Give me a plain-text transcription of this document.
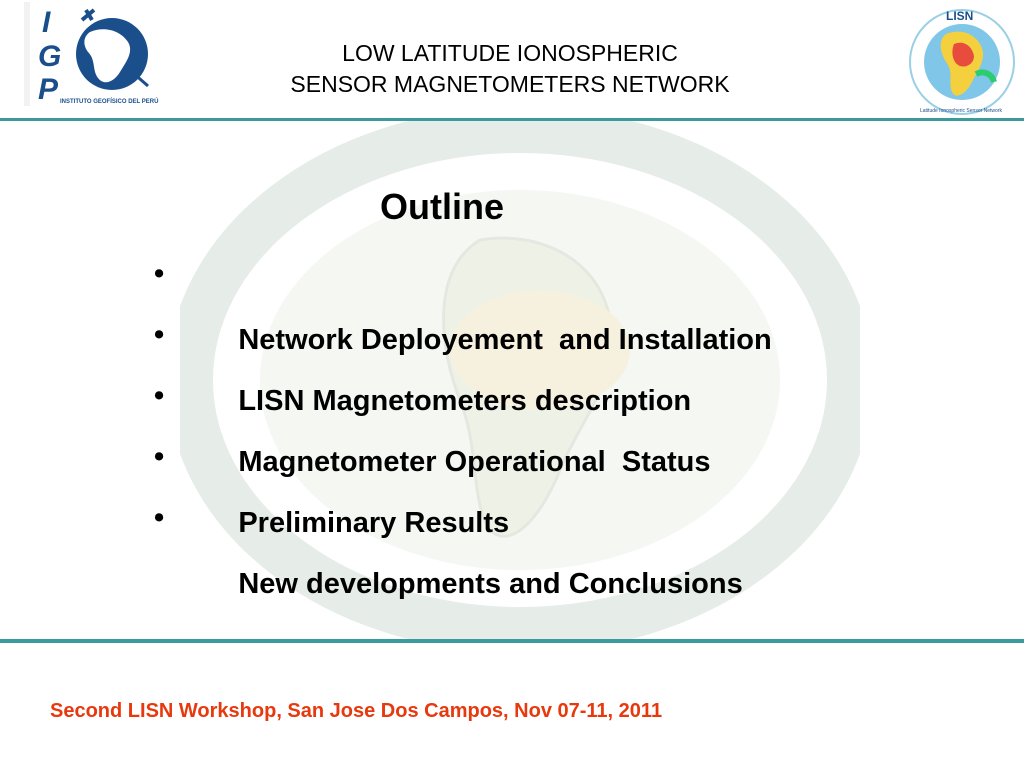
I
G
P INSTITUTO GEOFÍSICO DEL PERÚ
LOW LATITUDE IONOSPHERIC
SENSOR MAGNETOMETERS NETWORK
LISN
Latitude Ionospheric Sensor Network
Outline

•

Network Deployement  and Installation

•

LISN Magnetometers description

•

Magnetometer Operational  Status

•

Preliminary Results

•

New developments and Conclusions

Second LISN Workshop, San Jose Dos Campos, Nov 07-11, 2011
